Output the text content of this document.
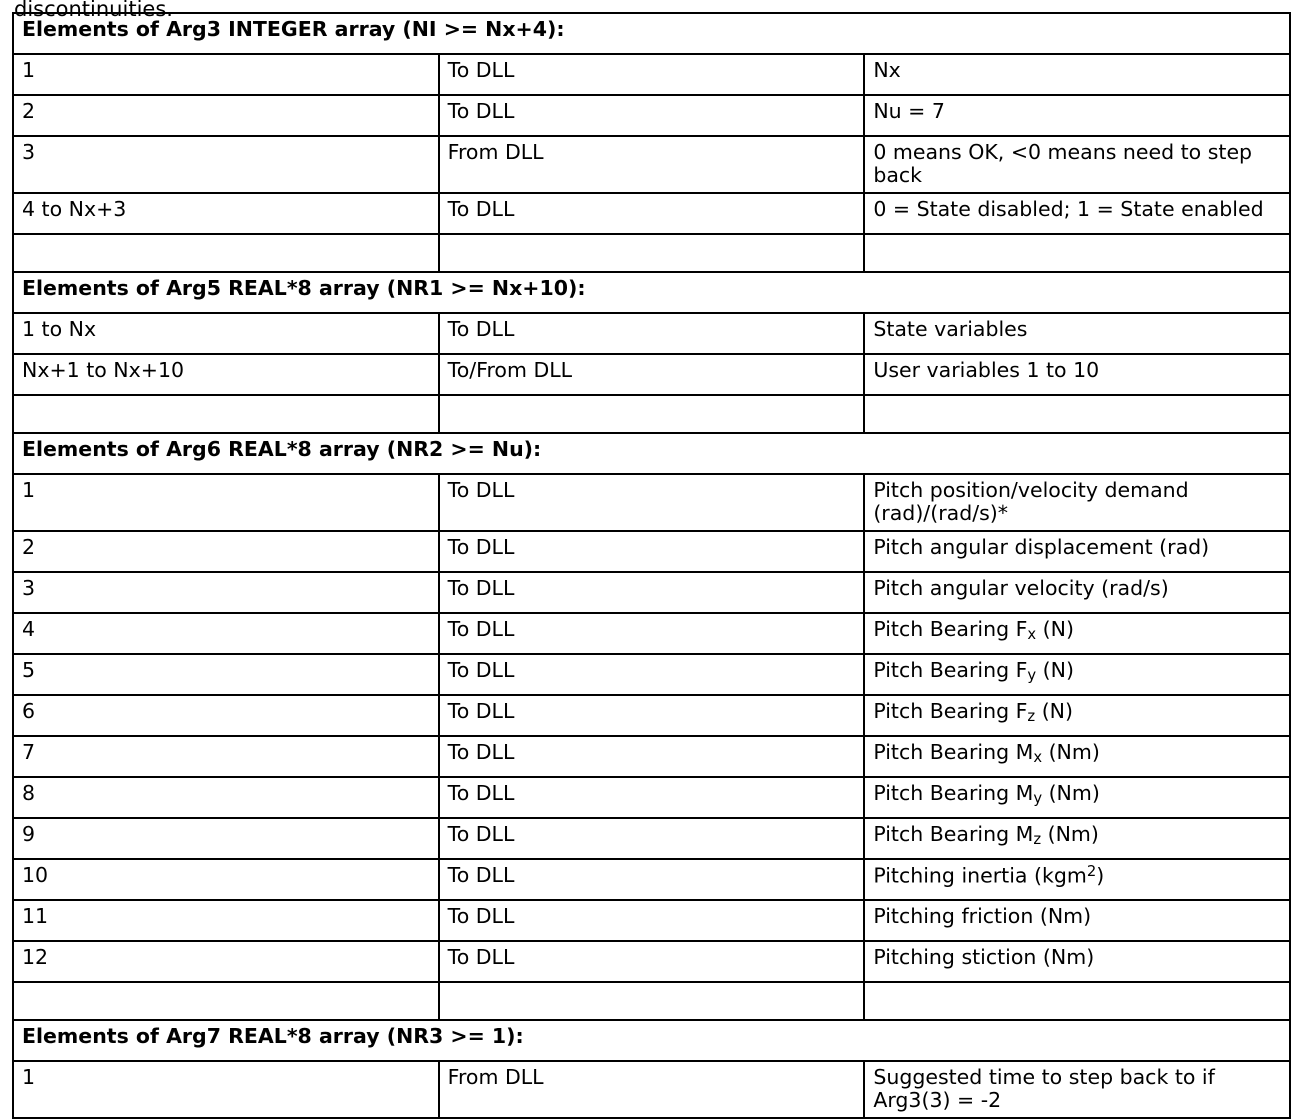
discontinuities.
Elements of Arg3 INTEGER array (NI >= Nx+4):		
1	To DLL	Nx
2	To DLL	Nu = 7
3	From DLL	0 means OK, <0 means need to step back
4 to Nx+3	To DLL	0 = State disabled; 1 = State enabled

Elements of Arg5 REAL*8 array (NR1 >= Nx+10):		
1 to Nx	To DLL	State variables
Nx+1 to Nx+10	To/From DLL	User variables 1 to 10

Elements of Arg6 REAL*8 array (NR2 >= Nu):		
1	To DLL	Pitch position/velocity demand (rad)/(rad/s)*
2	To DLL	Pitch angular displacement (rad)
3	To DLL	Pitch angular velocity (rad/s)
4	To DLL	Pitch Bearing $F_x$ (N)
5	To DLL	Pitch Bearing $F_y$ (N)
6	To DLL	Pitch Bearing $F_z$ (N)
7	To DLL	Pitch Bearing $M_x$ (Nm)
8	To DLL	Pitch Bearing $M_y$ (Nm)
9	To DLL	Pitch Bearing $M_z$ (Nm)
10	To DLL	Pitching inertia (kgm$^2$)
11	To DLL	Pitching friction (Nm)
12	To DLL	Pitching stiction (Nm)

Elements of Arg7 REAL*8 array (NR3 >= 1):		
1	From DLL	Suggested time to step back to if Arg3(3) = -2
